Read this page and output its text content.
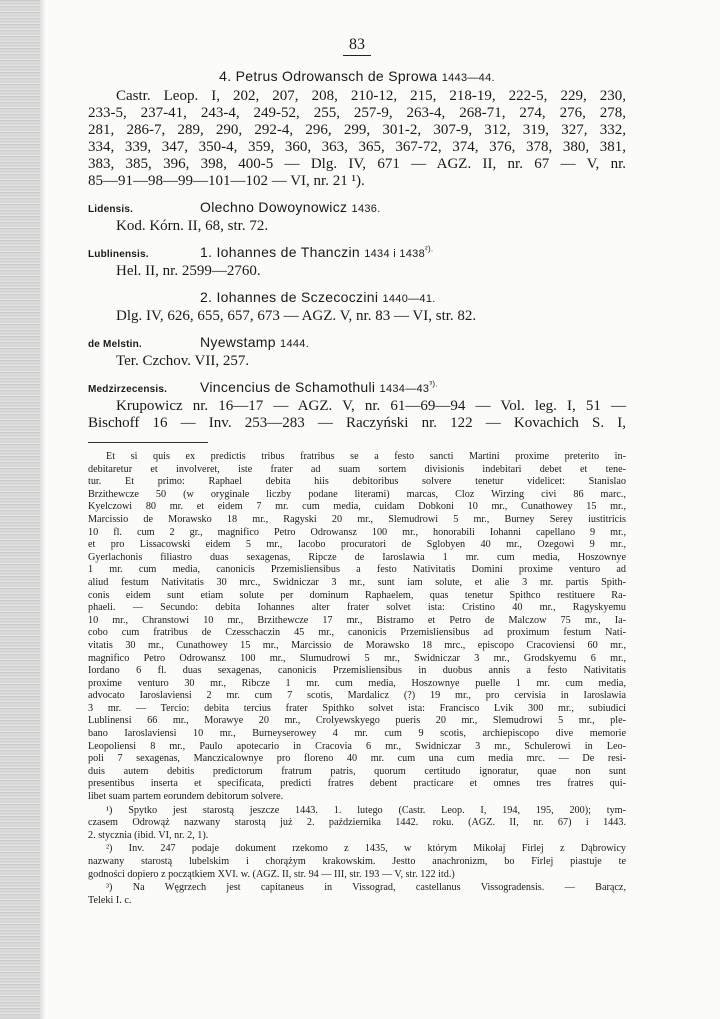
83
4. Petrus Odrowansch de Sprowa 1443—44.
Castr. Leop. I, 202, 207, 208, 210-12, 215, 218-19, 222-5, 229, 230,
233-5, 237-41, 243-4, 249-52, 255, 257-9, 263-4, 268-71, 274, 276, 278,
281, 286-7, 289, 290, 292-4, 296, 299, 301-2, 307-9, 312, 319, 327, 332,
334, 339, 347, 350-4, 359, 360, 363, 365, 367-72, 374, 376, 378, 380, 381,
383, 385, 396, 398, 400-5 — Dlg. IV, 671 — AGZ. II, nr. 67 — V, nr.
85—91—98—99—101—102 — VI, nr. 21 ¹).
Lidensis.	Olechno Dowoynowicz 1436.
Kod. Kórn. II, 68, str. 72.
Lublinensis.	1. Iohannes de Thanczin 1434 i $1438^{^2).}$
Hel. II, nr. 2599—2760.
2. Iohannes de Sczecoczini 1440—41.
Dlg. IV, 626, 655, 657, 673 — AGZ. V, nr. 83 — VI, str. 82.
de Melstin.	Nyewstamp 1444.
Ter. Czchov. VII, 257.
Medzirzecensis.	Vincencius de Schamothuli $1434—43^{^3).}$
Krupowicz nr. 16—17 — AGZ. V, nr. 61—69—94 — Vol. leg. I, 51 —
Bischoff 16 — Inv. 253—283 — Raczyński nr. 122 — Kovachich S. I,
Et si quis ex predictis tribus fratribus se a festo sancti Martini proxime preterito in-
debitaretur et involveret, iste frater ad suam sortem divisionis indebitari debet et tene-
tur. Et primo: Raphael debita hiis debitoribus solvere tenetur videlicet: Stanislao
Brzithewcze 50 (w oryginale liczby podane literami) marcas, Cloz Wirzing civi 86 marc.,
Kyelczowi 80 mr. et eidem 7 mr. cum media, cuidam Dobkoni 10 mr., Cunathowey 15 mr.,
Marcissio de Morawsko 18 mr., Ragyski 20 mr., Slemudrowi 5 mr., Burney Serey iustitricis
10 fl. cum 2 gr., magnifico Petro Odrowansz 100 mr., honorabili Iohanni capellano 9 mr.,
et pro Lissacowski eidem 5 mr., Iacobo procuratori de Sglobyen 40 mr., Ozegowi 9 mr.,
Gyerlachonis filiastro duas sexagenas, Ripcze de Iaroslawia 1 mr. cum media, Hoszownye
1 mr. cum media, canonicis Przemisliensibus a festo Nativitatis Domini proxime venturo ad
aliud festum Nativitatis 30 mrc., Swidniczar 3 mr., sunt iam solute, et alie 3 mr. partis Spith-
conis eidem sunt etiam solute per dominum Raphaelem, quas tenetur Spithco restituere Ra-
phaeli. — Secundo: debita Iohannes alter frater solvet ista: Cristino 40 mr., Ragyskyemu
10 mr., Chranstowi 10 mr., Brzithewcze 17 mr., Bistramo et Petro de Malczow 75 mr., Ia-
cobo cum fratribus de Czesschaczin 45 mr., canonicis Przemisliensibus ad proximum festum Nati-
vitatis 30 mr., Cunathowey 15 mr., Marcissio de Morawsko 18 mrc., episcopo Cracoviensi 60 mr.,
magnifico Petro Odrowansz 100 mr., Slumudrowi 5 mr., Swidniczar 3 mr., Grodskyemu 6 mr.,
Iordano 6 fl. duas sexagenas, canonicis Przemisliensibus in duobus annis a festo Nativitatis
proxime venturo 30 mr., Ribcze 1 mr. cum media, Hoszownye puelle 1 mr. cum media,
advocato Iaroslaviensi 2 mr. cum 7 scotis, Mardalicz (?) 19 mr., pro cervisia in Iaroslawia
3 mr. — Tercio: debita tercius frater Spithko solvet ista: Francisco Lvik 300 mr., subiudici
Lublinensi 66 mr., Morawye 20 mr., Crolyewskyego pueris 20 mr., Slemudrowi 5 mr., ple-
bano Iaroslaviensi 10 mr., Burneyserowey 4 mr. cum 9 scotis, archiepiscopo dive memorie
Leopoliensi 8 mr., Paulo apotecario in Cracovia 6 mr., Swidniczar 3 mr., Schulerowi in Leo-
poli 7 sexagenas, Manczicalownye pro floreno 40 mr. cum una cum media mrc. — De resi-
duis autem debitis predictorum fratrum patris, quorum certitudo ignoratur, quae non sunt
presentibus inserta et specificata, predicti fratres debent practicare et omnes tres fratres qui-
libet suam partem eorundem debitorum solvere.
¹) Spytko jest starostą jeszcze 1443. 1. lutego (Castr. Leop. I, 194, 195, 200); tym-
czasem Odrowąż nazwany starostą już 2. października 1442. roku. (AGZ. II, nr. 67) i 1443.
2. stycznia (ibid. VI, nr. 2, 1).
²) Inv. 247 podaje dokument rzekomo z 1435, w którym Mikołaj Firlej z Dąbrowicy
nazwany starostą lubelskim i chorążym krakowskim. Jestto anachronizm, bo Firlej piastuje te
godności dopiero z początkiem XVI. w. (AGZ. II, str. 94 — III, str. 193 — V, str. 122 itd.)
³) Na Węgrzech jest capitaneus in Vissograd, castellanus Vissogradensis. — Barącz,
Teleki I. c.
